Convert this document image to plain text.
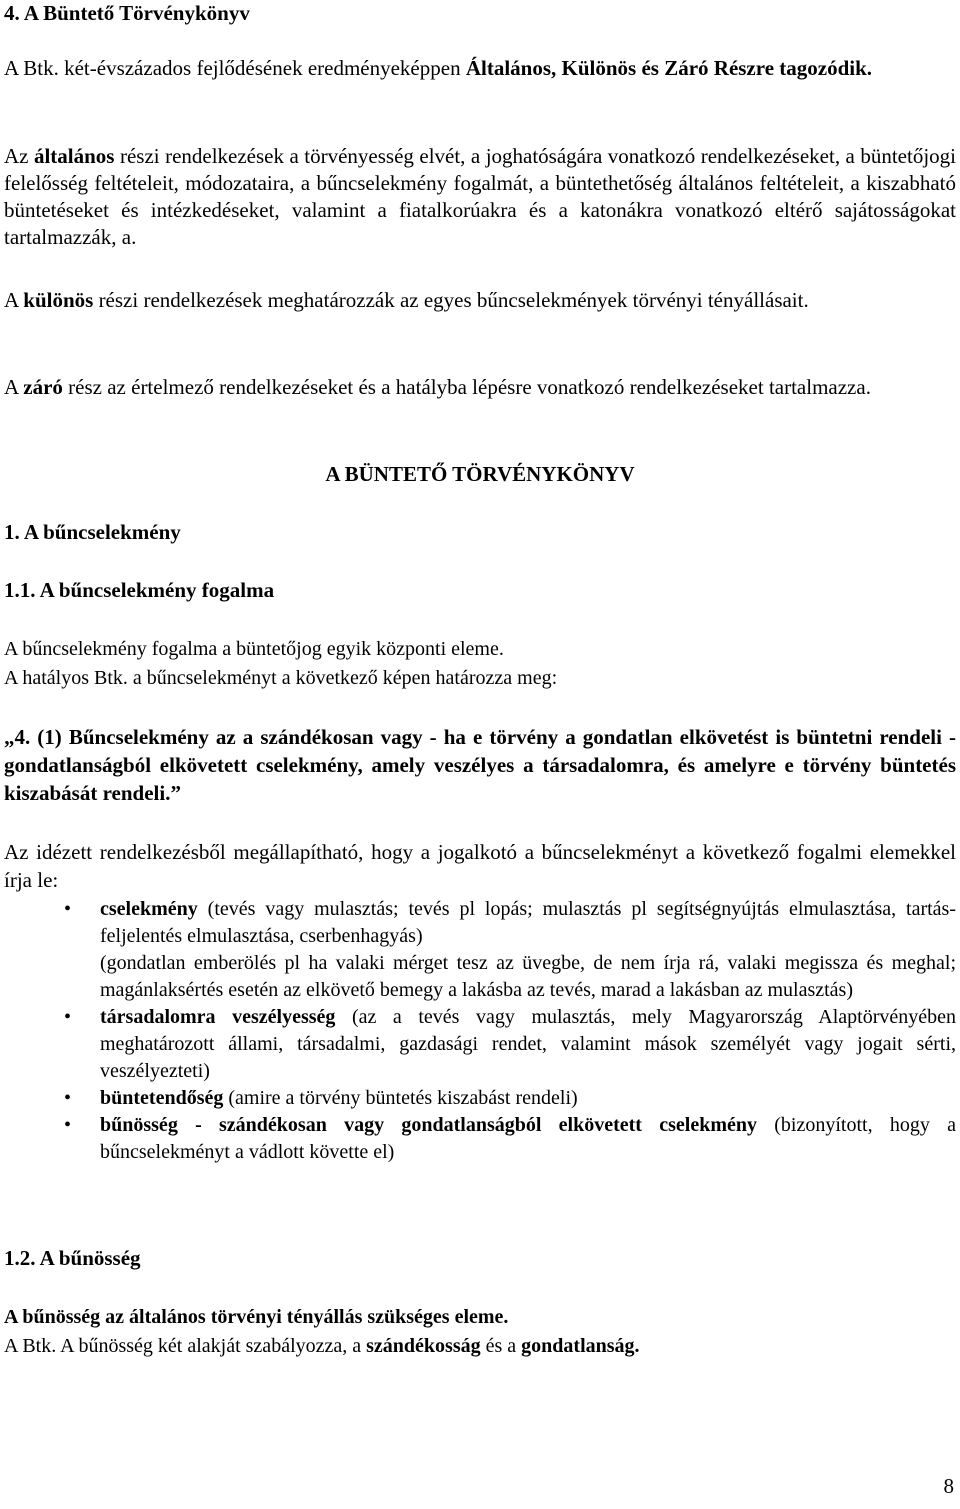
4. A Büntető Törvénykönyv

A Btk. két-évszázados fejlődésének eredményeképpen Általános, Különös és Záró Részre tagozódik.

Az általános részi rendelkezések a törvényesség elvét, a joghatóságára vonatkozó rendelkezéseket, a büntetőjogi felelősség feltételeit, módozataira, a bűncselekmény fogalmát, a büntethetőség általános feltételeit, a kiszabható büntetéseket és intézkedéseket, valamint a fiatalkorúakra és a katonákra vonatkozó eltérő sajátosságokat tartalmazzák, a.

A különös részi rendelkezések meghatározzák az egyes bűncselekmények törvényi tényállásait.

A záró rész az értelmező rendelkezéseket és a hatályba lépésre vonatkozó rendelkezéseket tartalmazza.

A BÜNTETŐ TÖRVÉNYKÖNYV

1. A bűncselekmény

1.1. A bűncselekmény fogalma

A bűncselekmény fogalma a büntetőjog egyik központi eleme.

A hatályos Btk. a bűncselekményt a következő képen határozza meg:

„4. (1) Bűncselekmény az a szándékosan vagy - ha e törvény a gondatlan elkövetést is büntetni rendeli - gondatlanságból elkövetett cselekmény, amely veszélyes a társadalomra, és amelyre e törvény büntetés kiszabását rendeli.”

Az idézett rendelkezésből megállapítható, hogy a jogalkotó a bűncselekményt a következő fogalmi elemekkel írja le:

• cselekmény (tevés vagy mulasztás; tevés pl lopás; mulasztás pl segítségnyújtás elmulasztása, tartás- feljelentés elmulasztása, cserbenhagyás)
(gondatlan emberölés pl ha valaki mérget tesz az üvegbe, de nem írja rá, valaki megissza és meghal; magánlaksértés esetén az elkövető bemegy a lakásba az tevés, marad a lakásban az mulasztás)
• társadalomra veszélyesség (az a tevés vagy mulasztás, mely Magyarország Alaptörvényében meghatározott állami, társadalmi, gazdasági rendet, valamint mások személyét vagy jogait sérti, veszélyezteti)
• büntetendőség (amire a törvény büntetés kiszabást rendeli)
• bűnösség - szándékosan vagy gondatlanságból elkövetett cselekmény (bizonyított, hogy a bűncselekményt a vádlott követte el)

1.2. A bűnösség

A bűnösség az általános törvényi tényállás szükséges eleme.

A Btk. A bűnösség két alakját szabályozza, a szándékosság és a gondatlanság.

8
